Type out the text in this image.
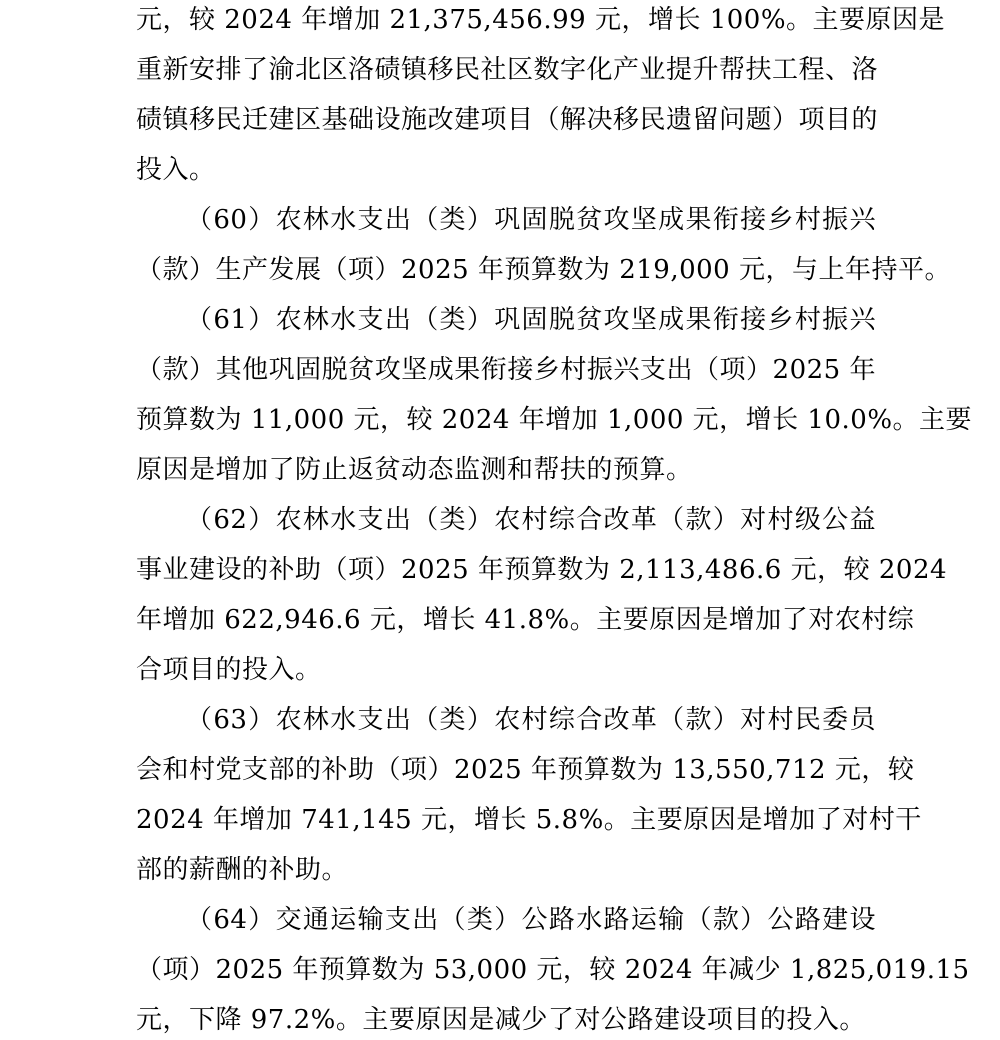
元，较 2024 年增加 21,375,456.99 元，增长 100%。主要原因是

重新安排了渝北区洛碛镇移民社区数字化产业提升帮扶工程、洛

碛镇移民迁建区基础设施改建项目（解决移民遗留问题）项目的

投入。

（60）农林水支出（类）巩固脱贫攻坚成果衔接乡村振兴

（款）生产发展（项）2025 年预算数为 219,000 元，与上年持平。

（61）农林水支出（类）巩固脱贫攻坚成果衔接乡村振兴

（款）其他巩固脱贫攻坚成果衔接乡村振兴支出（项）2025 年

预算数为 11,000 元，较 2024 年增加 1,000 元，增长 10.0%。主要

原因是增加了防止返贫动态监测和帮扶的预算。

（62）农林水支出（类）农村综合改革（款）对村级公益

事业建设的补助（项）2025 年预算数为 2,113,486.6 元，较 2024

年增加 622,946.6 元，增长 41.8%。主要原因是增加了对农村综

合项目的投入。

（63）农林水支出（类）农村综合改革（款）对村民委员

会和村党支部的补助（项）2025 年预算数为 13,550,712 元，较

2024 年增加 741,145 元，增长 5.8%。主要原因是增加了对村干

部的薪酬的补助。

（64）交通运输支出（类）公路水路运输（款）公路建设

（项）2025 年预算数为 53,000 元，较 2024 年减少 1,825,019.15

元，下降 97.2%。主要原因是减少了对公路建设项目的投入。
